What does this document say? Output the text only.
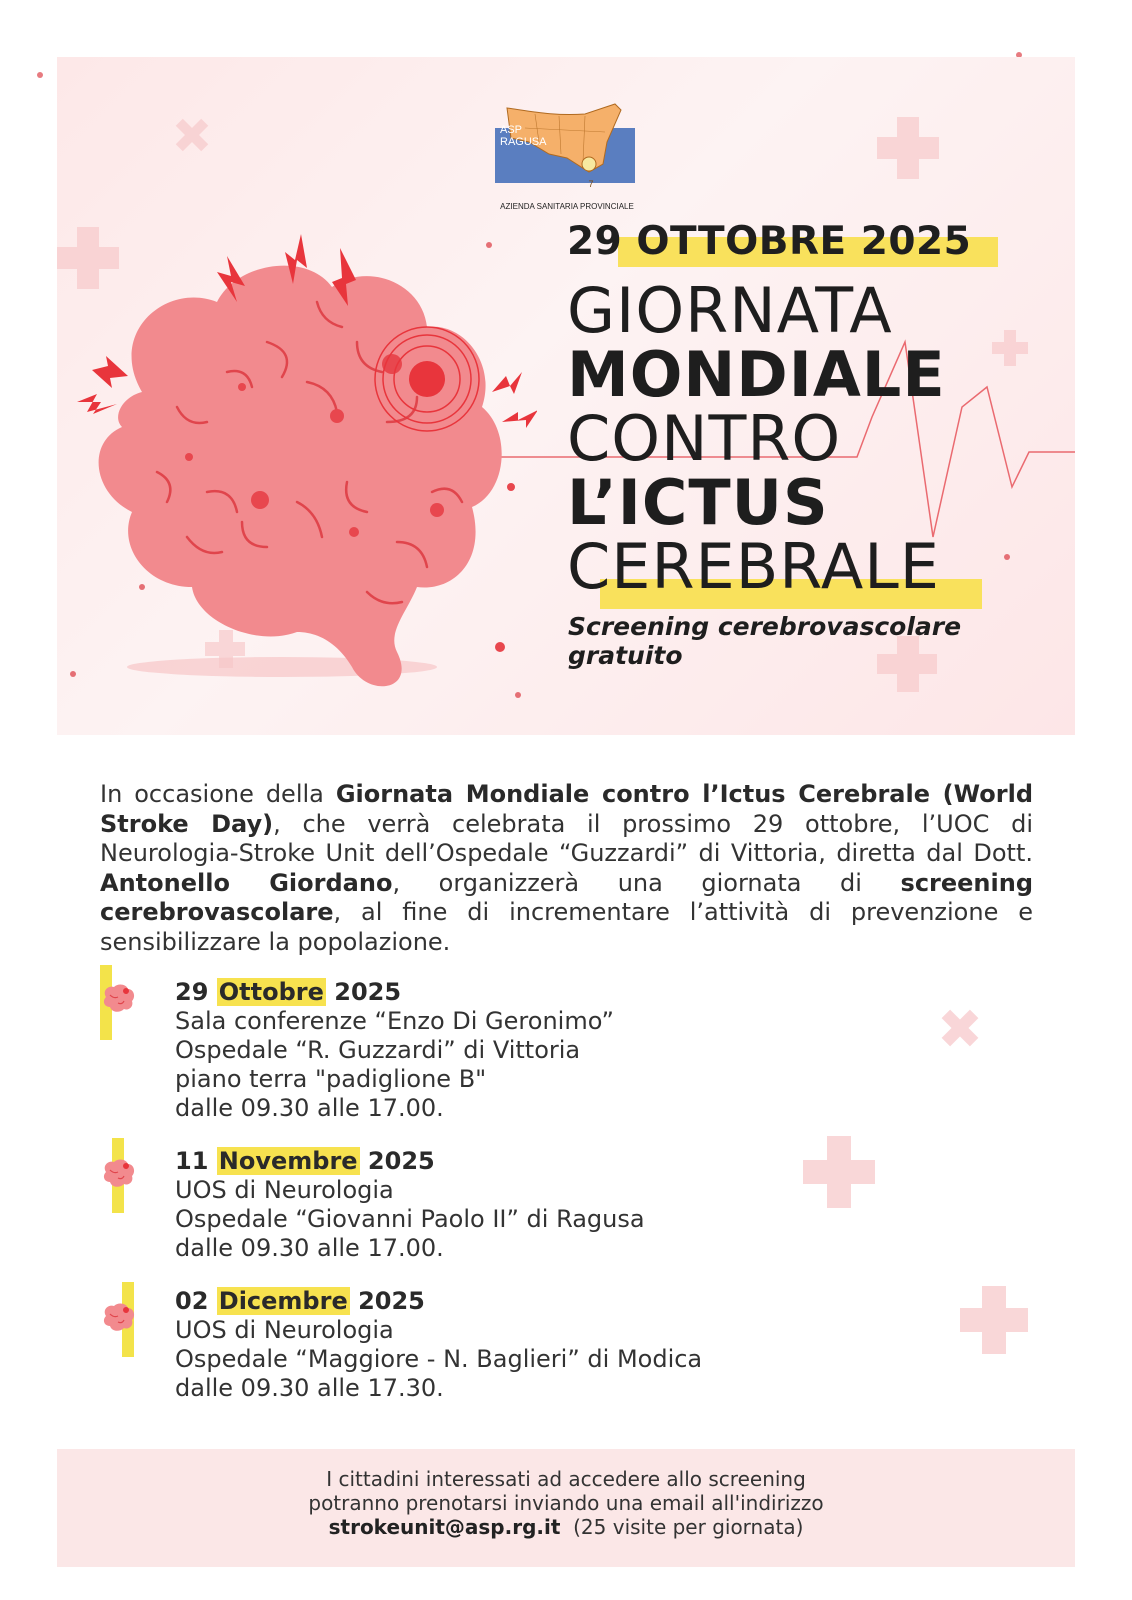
ASP
RAGUSA
7
AZIENDA SANITARIA PROVINCIALE
29 OTTOBRE 2025
GIORNATA
MONDIALE
CONTRO
L’ICTUS
CEREBRALE
Screening cerebrovascolare gratuito
In occasione della Giornata Mondiale contro l’Ictus Cerebrale (World Stroke Day), che verrà celebrata il prossimo 29 ottobre, l’UOC di Neurologia-Stroke Unit dell’Ospedale “Guzzardi” di Vittoria, diretta dal Dott. Antonello Giordano, organizzerà una giornata di screening cerebrovascolare, al fine di incrementare l’attività di prevenzione e sensibilizzare la popolazione.
29 Ottobre 2025
Sala conferenze “Enzo Di Geronimo”
Ospedale “R. Guzzardi” di Vittoria
piano terra "padiglione B"
dalle 09.30 alle 17.00.
11 Novembre 2025
UOS di Neurologia
Ospedale “Giovanni Paolo II” di Ragusa
dalle 09.30 alle 17.00.
02 Dicembre 2025
UOS di Neurologia
Ospedale “Maggiore - N. Baglieri” di Modica
dalle 09.30 alle 17.30.
I cittadini interessati ad accedere allo screening
potranno prenotarsi inviando una email all'indirizzo
strokeunit@asp.rg.it (25 visite per giornata)
